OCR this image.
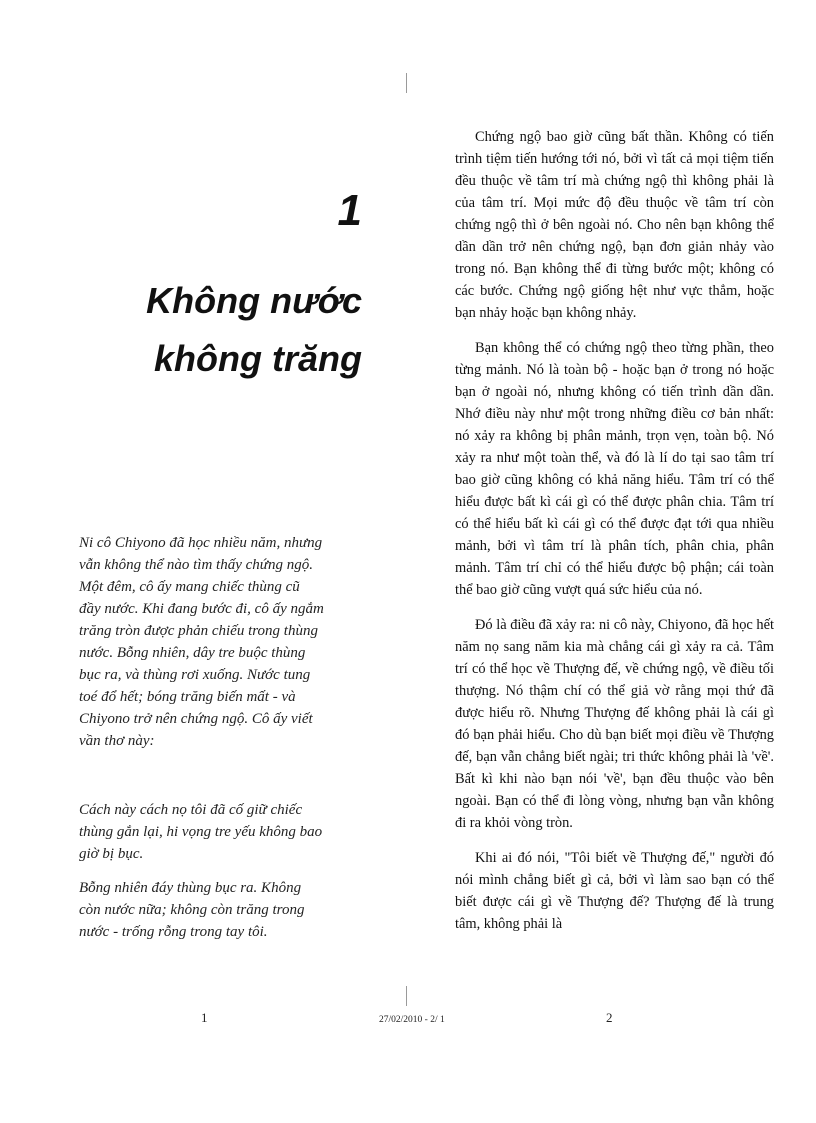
1
Không nước không trăng

Ni cô Chiyono đã học nhiều năm, nhưng vẫn không thể nào tìm thấy chứng ngộ. Một đêm, cô ấy mang chiếc thùng cũ đầy nước. Khi đang bước đi, cô ấy ngắm trăng tròn được phản chiếu trong thùng nước. Bỗng nhiên, dây tre buộc thùng bục ra, và thùng rơi xuống. Nước tung toé đổ hết; bóng trăng biến mất - và Chiyono trở nên chứng ngộ. Cô ấy viết vần thơ này:

Cách này cách nọ tôi đã cố giữ chiếc thùng gắn lại, hi vọng tre yếu không bao giờ bị bục.

Bỗng nhiên đáy thùng bục ra. Không còn nước nữa; không còn trăng trong nước - trống rỗng trong tay tôi.

Chứng ngộ bao giờ cũng bất thần. Không có tiến trình tiệm tiến hướng tới nó, bởi vì tất cả mọi tiệm tiến đều thuộc về tâm trí mà chứng ngộ thì không phải là của tâm trí. Mọi mức độ đều thuộc về tâm trí còn chứng ngộ thì ở bên ngoài nó. Cho nên bạn không thể dần dần trở nên chứng ngộ, bạn đơn giản nhảy vào trong nó. Bạn không thể đi từng bước một; không có các bước. Chứng ngộ giống hệt như vực thẳm, hoặc bạn nhảy hoặc bạn không nhảy.

Bạn không thể có chứng ngộ theo từng phần, theo từng mảnh. Nó là toàn bộ - hoặc bạn ở trong nó hoặc bạn ở ngoài nó, nhưng không có tiến trình dần dần. Nhớ điều này như một trong những điều cơ bản nhất: nó xảy ra không bị phân mảnh, trọn vẹn, toàn bộ. Nó xảy ra như một toàn thể, và đó là lí do tại sao tâm trí bao giờ cũng không có khả năng hiểu. Tâm trí có thể hiểu được bất kì cái gì có thể được phân chia. Tâm trí có thể hiểu bất kì cái gì có thể được đạt tới qua nhiều mảnh, bởi vì tâm trí là phân tích, phân chia, phân mảnh. Tâm trí chỉ có thể hiểu được bộ phận; cái toàn thể bao giờ cũng vượt quá sức hiểu của nó.

Đó là điều đã xảy ra: ni cô này, Chiyono, đã học hết năm nọ sang năm kia mà chẳng cái gì xảy ra cả. Tâm trí có thể học về Thượng đế, về chứng ngộ, về điều tối thượng. Nó thậm chí có thể giả vờ rằng mọi thứ đã được hiểu rõ. Nhưng Thượng đế không phải là cái gì đó bạn phải hiểu. Cho dù bạn biết mọi điều về Thượng đế, bạn vẫn chẳng biết ngài; tri thức không phải là 'về'. Bất kì khi nào bạn nói 'về', bạn đều thuộc vào bên ngoài. Bạn có thể đi lòng vòng, nhưng bạn vẫn không đi ra khỏi vòng tròn.

Khi ai đó nói, "Tôi biết về Thượng đế," người đó nói mình chẳng biết gì cả, bởi vì làm sao bạn có thể biết được cái gì về Thượng đế? Thượng đế là trung tâm, không phải là

1	27/02/2010 - 2/ 1	2
